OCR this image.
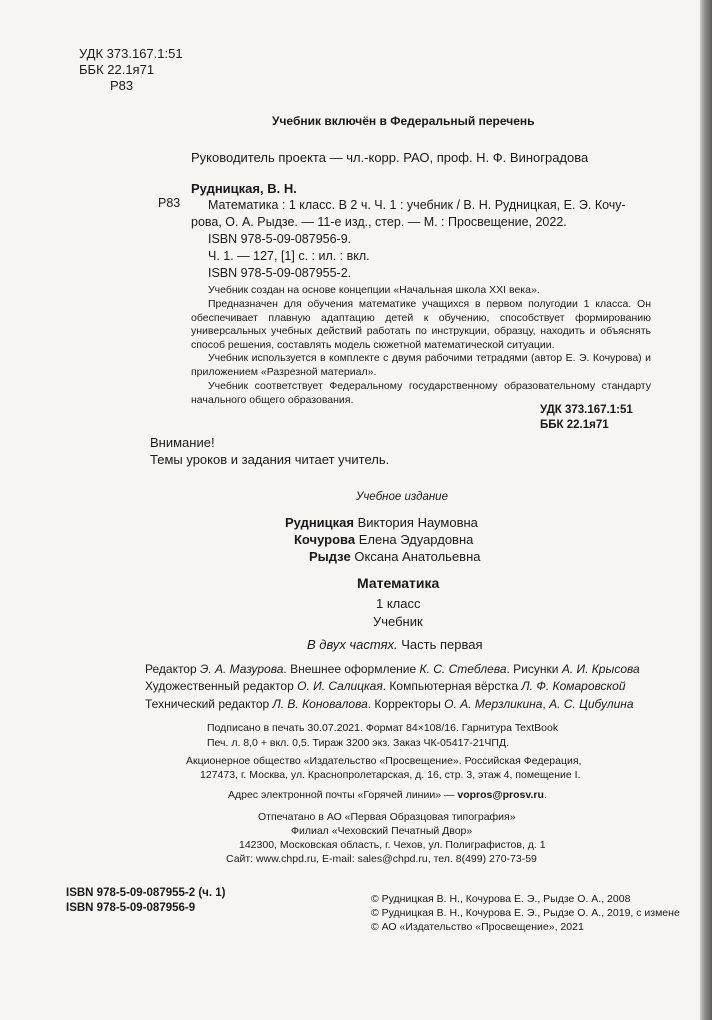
УДК 373.167.1:51
ББК 22.1я71
Р83
Учебник включён в Федеральный перечень
Руководитель проекта — чл.-корр. РАО, проф. Н. Ф. Виноградова
Р83
Рудницкая, В. Н.
Математика : 1 класс. В 2 ч. Ч. 1 : учебник / В. Н. Рудницкая, Е. Э. Кочу-
рова, О. А. Рыдзе. — 11-е изд., стер. — М. : Просвещение, 2022.
ISBN 978-5-09-087956-9.
Ч. 1. — 127, [1] с. : ил. : вкл.
ISBN 978-5-09-087955-2.
Учебник создан на основе концепции «Начальная школа XXI века».
Предназначен для обучения математике учащихся в первом полугодии 1 класса. Он обеспечивает плавную адаптацию детей к обучению, способствует формированию универсальных учебных действий работать по инструкции, образцу, находить и объяснять способ решения, составлять модель сюжетной математической ситуации.
Учебник используется в комплекте с двумя рабочими тетрадями (автор Е. Э. Кочурова) и приложением «Разрезной материал».
Учебник соответствует Федеральному государственному образовательному стандарту начального общего образования.
УДК 373.167.1:51
ББК 22.1я71
Внимание!
Темы уроков и задания читает учитель.
Учебное издание
Рудницкая Виктория Наумовна
Кочурова Елена Эдуардовна
Рыдзе Оксана Анатольевна
Математика
1 класс
Учебник
В двух частях. Часть первая
Редактор Э. А. Мазурова. Внешнее оформление К. С. Стеблева. Рисунки А. И. Крысова
Художественный редактор О. И. Салицкая. Компьютерная вёрстка Л. Ф. Комаровской
Технический редактор Л. В. Коновалова. Корректоры О. А. Мерзликина, А. С. Цибулина
Подписано в печать 30.07.2021. Формат 84×108/16. Гарнитура TextBook
Печ. л. 8,0 + вкл. 0,5. Тираж 3200 экз. Заказ ЧК-05417-21ЧПД.
Акционерное общество «Издательство «Просвещение». Российская Федерация,
127473, г. Москва, ул. Краснопролетарская, д. 16, стр. 3, этаж 4, помещение I.
Адрес электронной почты «Горячей линии» — vopros@prosv.ru.
Отпечатано в АО «Первая Образцовая типография»
Филиал «Чеховский Печатный Двор»
142300, Московская область, г. Чехов, ул. Полиграфистов, д. 1
Сайт: www.chpd.ru, E-mail: sales@chpd.ru, тел. 8(499) 270-73-59
ISBN 978-5-09-087955-2 (ч. 1)
ISBN 978-5-09-087956-9
© Рудницкая В. Н., Кочурова Е. Э., Рыдзе О. А., 2008
© Рудницкая В. Н., Кочурова Е. Э., Рыдзе О. А., 2019, с измене
© АО «Издательство «Просвещение», 2021
